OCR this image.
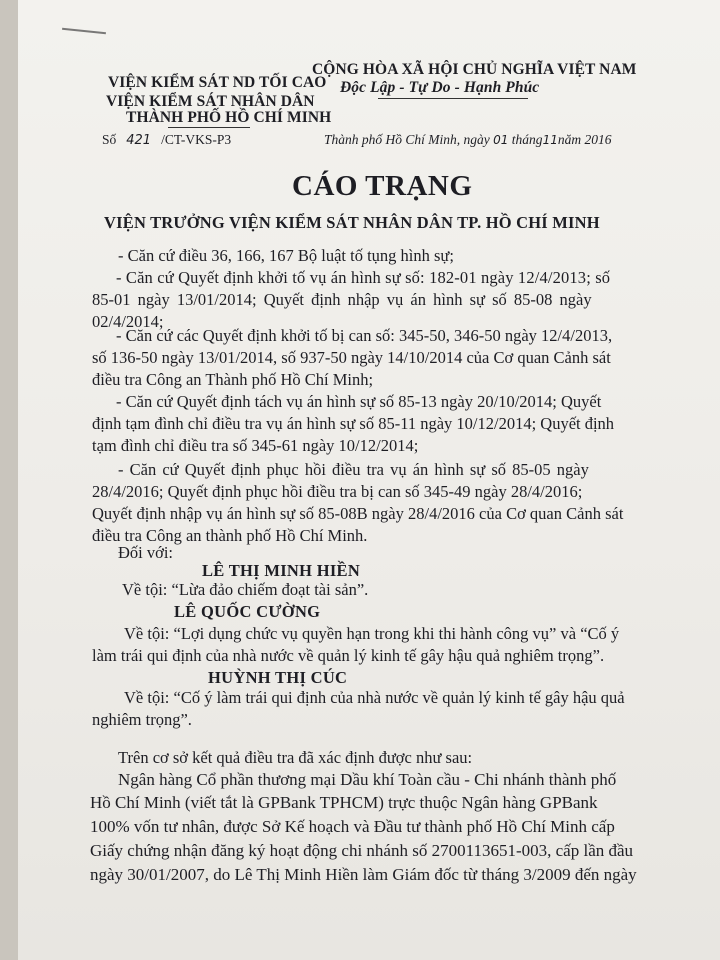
VIỆN KIỂM SÁT ND TỐI CAO
VIỆN KIỂM SÁT NHÂN DÂN
THÀNH PHỐ HỒ CHÍ MINH
CỘNG HÒA XÃ HỘI CHỦ NGHĨA VIỆT NAM
Độc Lập - Tự Do - Hạnh Phúc
Số 421 /CT-VKS-P3	Thành phố Hồ Chí Minh, ngày 01 tháng11năm 2016
CÁO TRẠNG
VIỆN TRƯỞNG VIỆN KIỂM SÁT NHÂN DÂN TP. HỒ CHÍ MINH
- Căn cứ điều 36, 166, 167 Bộ luật tố tụng hình sự;
- Căn cứ Quyết định khởi tố vụ án hình sự số: 182-01 ngày 12/4/2013; số
85-01 ngày 13/01/2014; Quyết định nhập vụ án hình sự số 85-08 ngày
02/4/2014;
- Căn cứ các Quyết định khởi tố bị can số: 345-50, 346-50 ngày 12/4/2013,
số 136-50 ngày 13/01/2014, số 937-50 ngày 14/10/2014 của Cơ quan Cảnh sát
điều tra Công an Thành phố Hồ Chí Minh;
- Căn cứ Quyết định tách vụ án hình sự số 85-13 ngày 20/10/2014; Quyết
định tạm đình chỉ điều tra vụ án hình sự số 85-11 ngày 10/12/2014; Quyết định
tạm đình chỉ điều tra số 345-61 ngày 10/12/2014;
- Căn cứ Quyết định phục hồi điều tra vụ án hình sự số 85-05 ngày
28/4/2016; Quyết định phục hồi điều tra bị can số 345-49 ngày 28/4/2016;
Quyết định nhập vụ án hình sự số 85-08B ngày 28/4/2016 của Cơ quan Cảnh sát
điều tra Công an thành phố Hồ Chí Minh.
Đối với:
LÊ THỊ MINH HIỀN
Về tội: “Lừa đảo chiếm đoạt tài sản”.
LÊ QUỐC CƯỜNG
Về tội: “Lợi dụng chức vụ quyền hạn trong khi thi hành công vụ” và “Cố ý
làm trái qui định của nhà nước về quản lý kinh tế gây hậu quả nghiêm trọng”.
HUỲNH THỊ CÚC
Về tội: “Cố ý làm trái qui định của nhà nước về quản lý kinh tế gây hậu quả
nghiêm trọng”.
Trên cơ sở kết quả điều tra đã xác định được như sau:
Ngân hàng Cổ phần thương mại Dầu khí Toàn cầu - Chi nhánh thành phố
Hồ Chí Minh (viết tắt là GPBank TPHCM) trực thuộc Ngân hàng GPBank
100% vốn tư nhân, được Sở Kế hoạch và Đầu tư thành phố Hồ Chí Minh cấp
Giấy chứng nhận đăng ký hoạt động chi nhánh số 2700113651-003, cấp lần đầu
ngày 30/01/2007, do Lê Thị Minh Hiền làm Giám đốc từ tháng 3/2009 đến ngày
